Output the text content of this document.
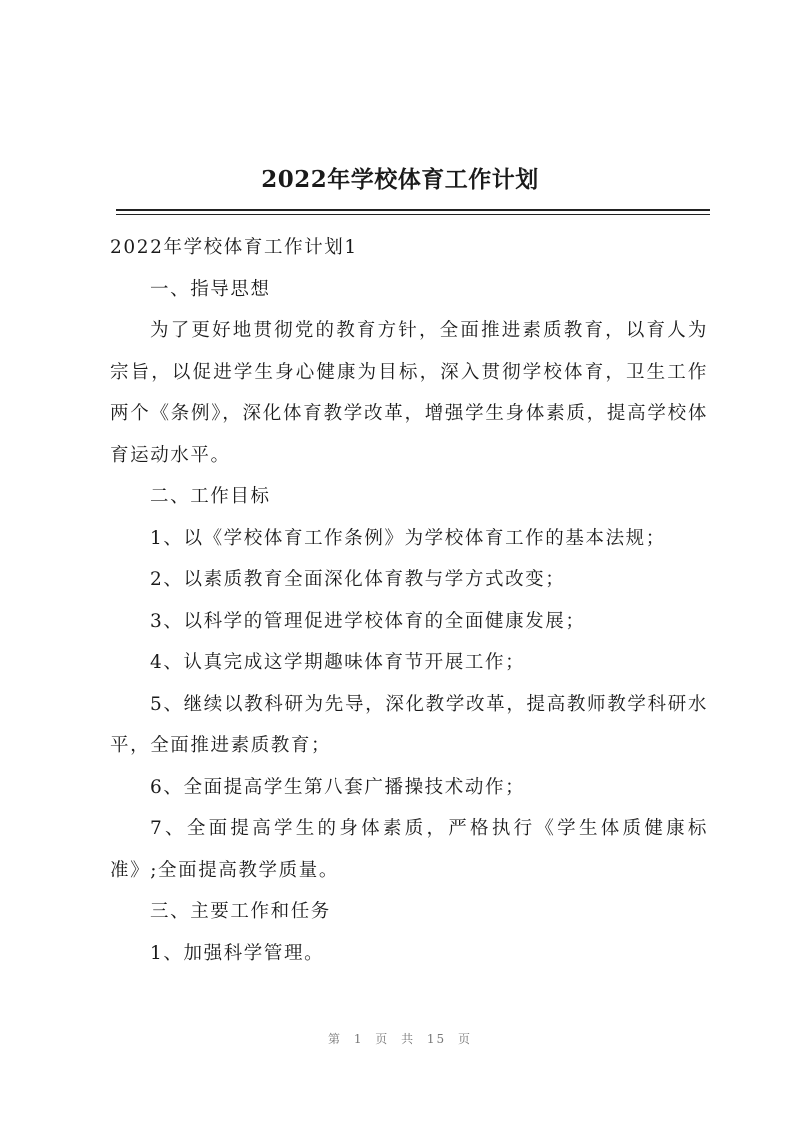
2022年学校体育工作计划

2022年学校体育工作计划1

一、指导思想

为了更好地贯彻党的教育方针，全面推进素质教育，以育人为宗旨，以促进学生身心健康为目标，深入贯彻学校体育，卫生工作两个《条例》，深化体育教学改革，增强学生身体素质，提高学校体育运动水平。

二、工作目标

1、以《学校体育工作条例》为学校体育工作的基本法规；

2、以素质教育全面深化体育教与学方式改变；

3、以科学的管理促进学校体育的全面健康发展；

4、认真完成这学期趣味体育节开展工作；

5、继续以教科研为先导，深化教学改革，提高教师教学科研水平，全面推进素质教育；

6、全面提高学生第八套广播操技术动作；

7、全面提高学生的身体素质，严格执行《学生体质健康标准》;全面提高教学质量。

三、主要工作和任务

1、加强科学管理。

第 1 页 共 15 页
